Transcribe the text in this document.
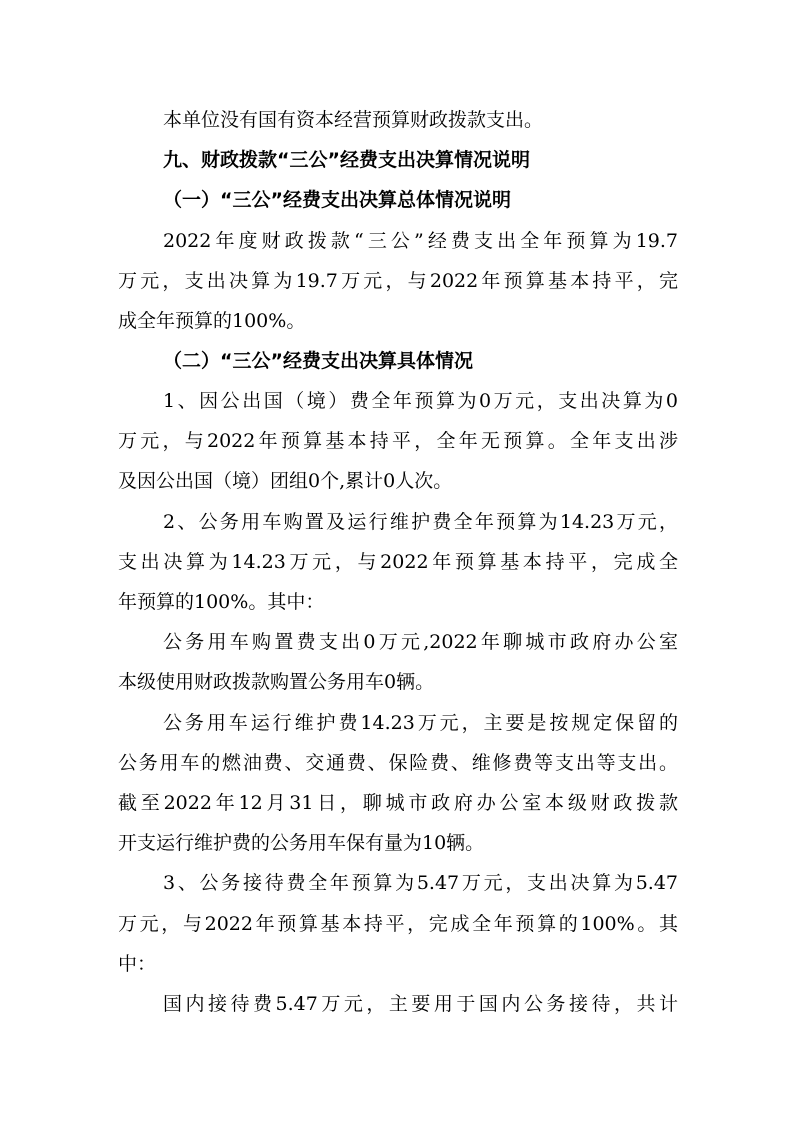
本单位没有国有资本经营预算财政拨款支出。
九、财政拨款“三公”经费支出决算情况说明
（一）“三公”经费支出决算总体情况说明
2022年度财政拨款“三公”经费支出全年预算为19.7
万元，支出决算为19.7万元，与2022年预算基本持平，完
成全年预算的100%。
（二）“三公”经费支出决算具体情况
1、因公出国（境）费全年预算为0万元，支出决算为0
万元，与2022年预算基本持平，全年无预算。全年支出涉
及因公出国（境）团组0个,累计0人次。
2、公务用车购置及运行维护费全年预算为14.23万元，
支出决算为14.23万元，与2022年预算基本持平，完成全
年预算的100%。其中：
公务用车购置费支出0万元,2022年聊城市政府办公室
本级使用财政拨款购置公务用车0辆。
公务用车运行维护费14.23万元，主要是按规定保留的
公务用车的燃油费、交通费、保险费、维修费等支出等支出。
截至2022年12月31日，聊城市政府办公室本级财政拨款
开支运行维护费的公务用车保有量为10辆。
3、公务接待费全年预算为5.47万元，支出决算为5.47
万元，与2022年预算基本持平，完成全年预算的100%。其
中：
国内接待费5.47万元，主要用于国内公务接待，共计
